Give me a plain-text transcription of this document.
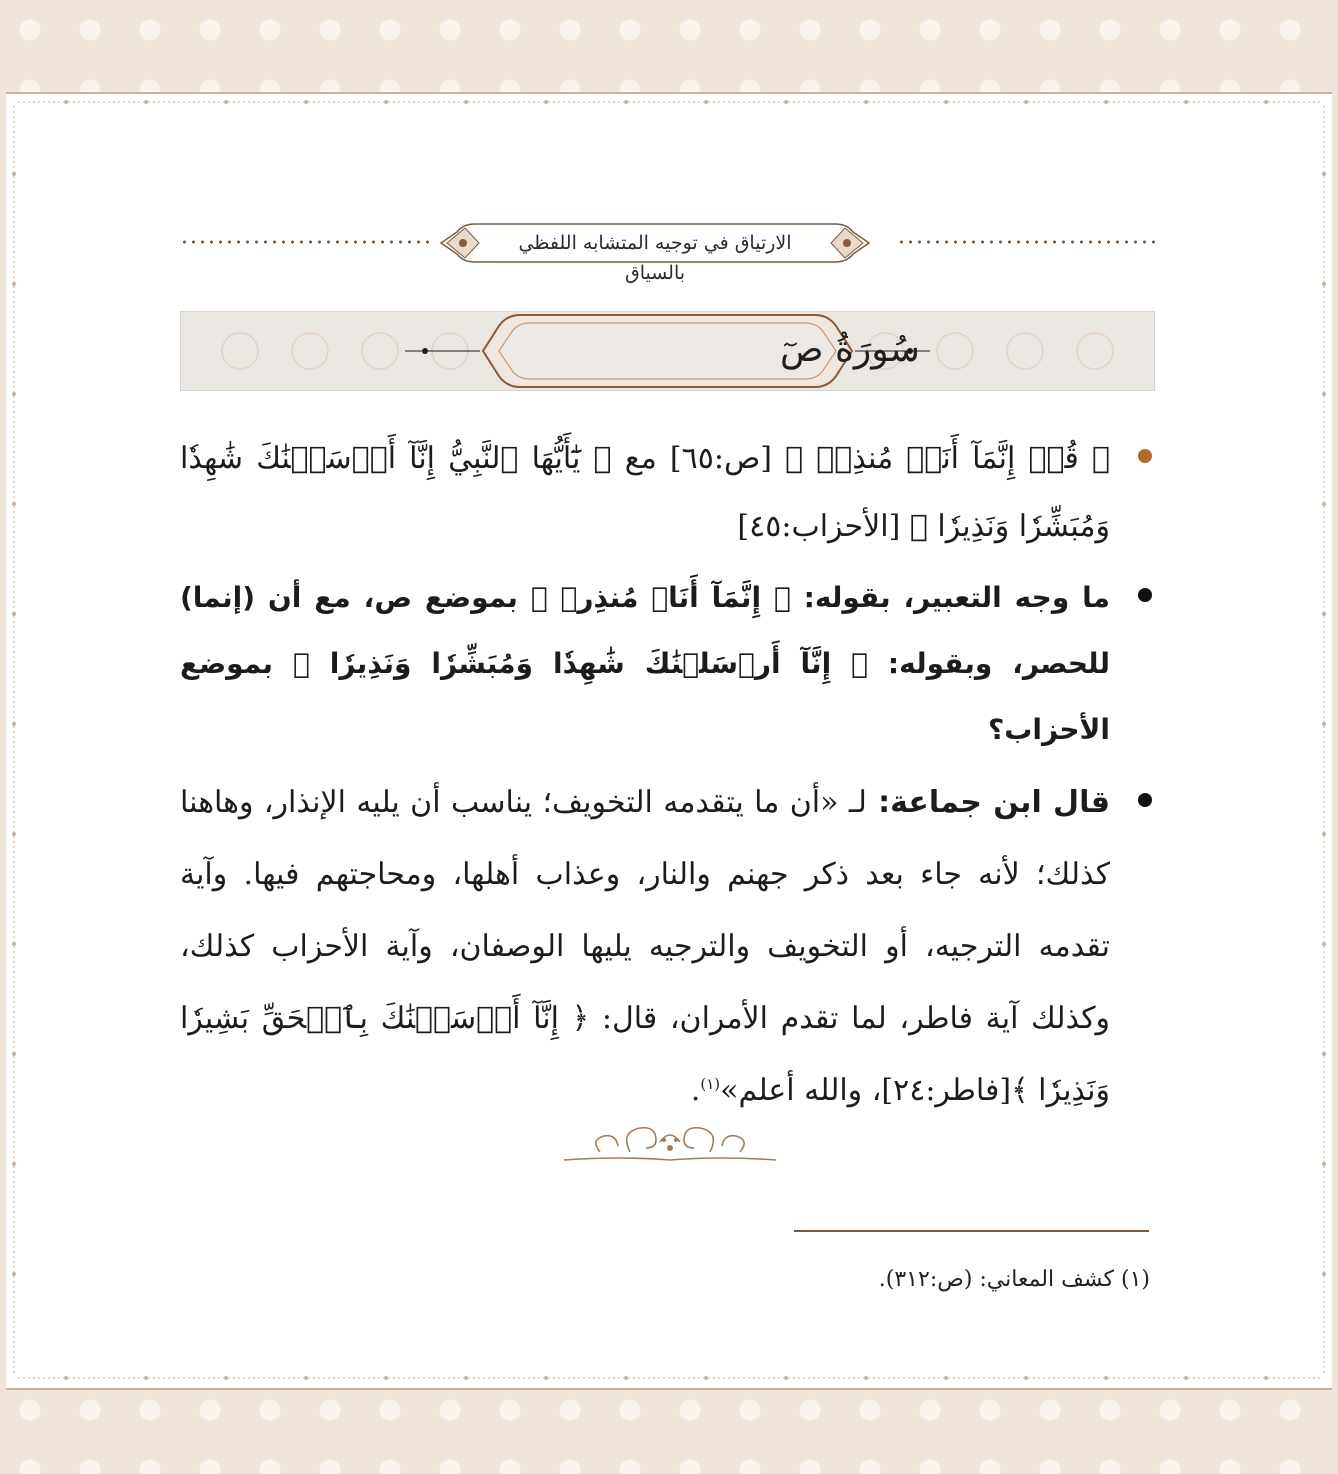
الارتياق في توجيه المتشابه اللفظي بالسياق
سُورَةُ صٓ

﴿ قُلۡ إِنَّمَآ أَنَا۠ مُنذِرٞ ﴾ [ص:٦٥] مع ﴿ يَٰٓأَيُّهَا ٱلنَّبِيُّ إِنَّآ أَرۡسَلۡنَٰكَ شَٰهِدٗا وَمُبَشِّرٗا وَنَذِيرٗا ﴾ [الأحزاب:٤٥]

ما وجه التعبير، بقوله: ﴿ إِنَّمَآ أَنَا۠ مُنذِرٞ ﴾ بموضع ص، مع أن (إنما) للحصر، وبقوله: ﴿ إِنَّآ أَرۡسَلۡنَٰكَ شَٰهِدٗا وَمُبَشِّرٗا وَنَذِيرٗا ﴾ بموضع الأحزاب؟

قال ابن جماعة: لـ «أن ما يتقدمه التخويف؛ يناسب أن يليه الإنذار، وهاهنا كذلك؛ لأنه جاء بعد ذكر جهنم والنار، وعذاب أهلها، ومحاجتهم فيها. وآية تقدمه الترجيه، أو التخويف والترجيه يليها الوصفان، وآية الأحزاب كذلك، وكذلك آية فاطر، لما تقدم الأمران، قال: ﴿ إِنَّآ أَرۡسَلۡنَٰكَ بِٱلۡحَقِّ بَشِيرٗا وَنَذِيرٗا ﴾[فاطر:٢٤]، والله أعلم»$^{(١)}$.

(١) كشف المعاني: (ص:٣١٢).
